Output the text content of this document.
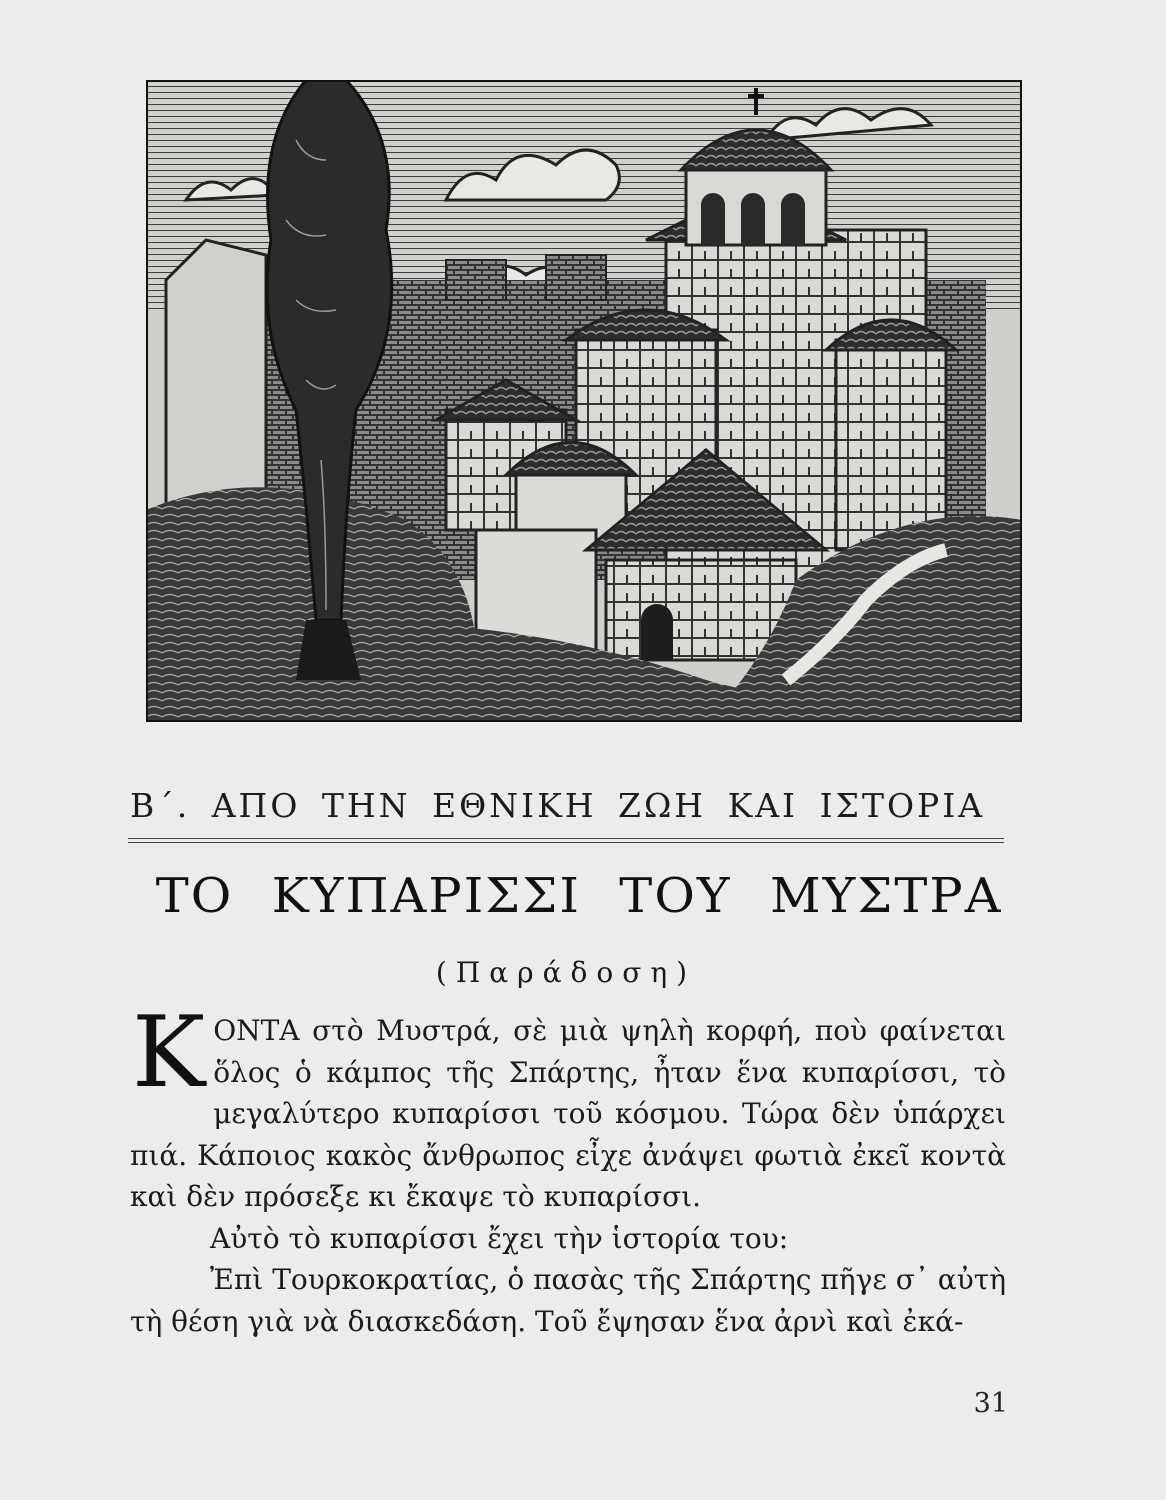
Β΄. ΑΠΟ ΤΗΝ ΕΘΝΙΚΗ ΖΩΗ ΚΑΙ ΙΣΤΟΡΙΑ
ΤΟ ΚΥΠΑΡΙΣΣΙ ΤΟΥ ΜΥΣΤΡΑ
(Παράδοση)

ΚΟΝΤΑ στὸ Μυστρά, σὲ μιὰ ψηλὴ κορφή, ποὺ φαίνεται ὅλος ὁ κάμπος τῆς Σπάρτης, ἦταν ἕνα κυπαρίσσι, τὸ μεγαλύτερο κυπαρίσσι τοῦ κόσμου. Τώρα δὲν ὑπάρχει πιά. Κάποιος κακὸς ἄνθρωπος εἶχε ἀνάψει φωτιὰ ἐκεῖ κοντὰ καὶ δὲν πρόσεξε κι ἔκαψε τὸ κυπαρίσσι.

Αὐτὸ τὸ κυπαρίσσι ἔχει τὴν ἱστορία του:

Ἐπὶ Τουρκοκρατίας, ὁ πασὰς τῆς Σπάρτης πῆγε σ᾿ αὐτὴ τὴ θέση γιὰ νὰ διασκεδάση. Τοῦ ἔψησαν ἕνα ἀρνὶ καὶ ἐκά-

31
